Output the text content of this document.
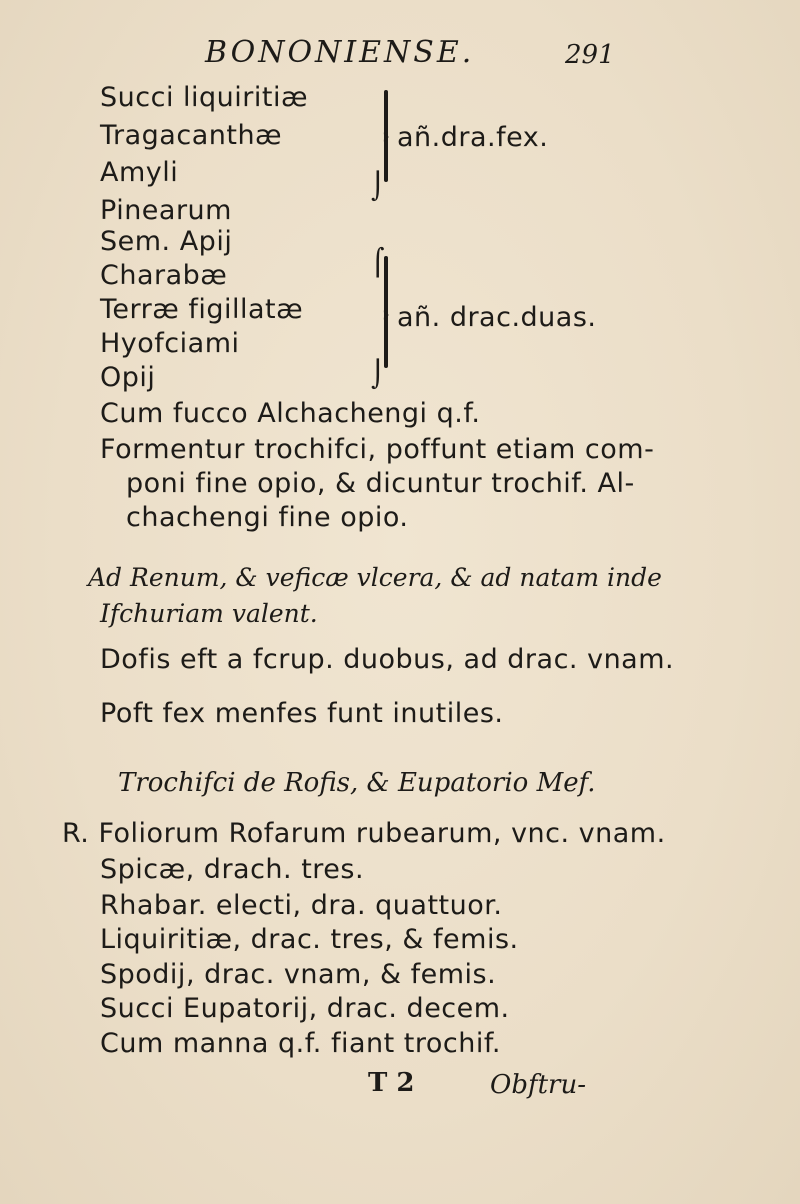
BONONIENSE.	291
Succi liquiritiæ
Tragacanthæ
Amyli
Pinearum
›
⌡
añ.dra.fex.
Sem. Apij
Charabæ
Terræ figillatæ
Hyofciami
Opij
⌠
›
⌡
añ. drac.duas.
Cum fucco Alchachengi q.f.
Formentur trochifci, poffunt etiam com-
poni fine opio, & dicuntur trochif. Al-
chachengi fine opio.
Ad Renum, & veficæ vlcera, & ad natam inde
Ifchuriam valent.
Dofis eft a fcrup. duobus, ad drac. vnam.
Poft fex menfes funt inutiles.
Trochifci de Rofis, & Eupatorio Mef.
R. Foliorum Rofarum rubearum, vnc. vnam.
Spicæ, drach. tres.
Rhabar. electi, dra. quattuor.
Liquiritiæ, drac. tres, & femis.
Spodij, drac. vnam, & femis.
Succi Eupatorij, drac. decem.
Cum manna q.f. fiant trochif.
T 2	Obftru-
